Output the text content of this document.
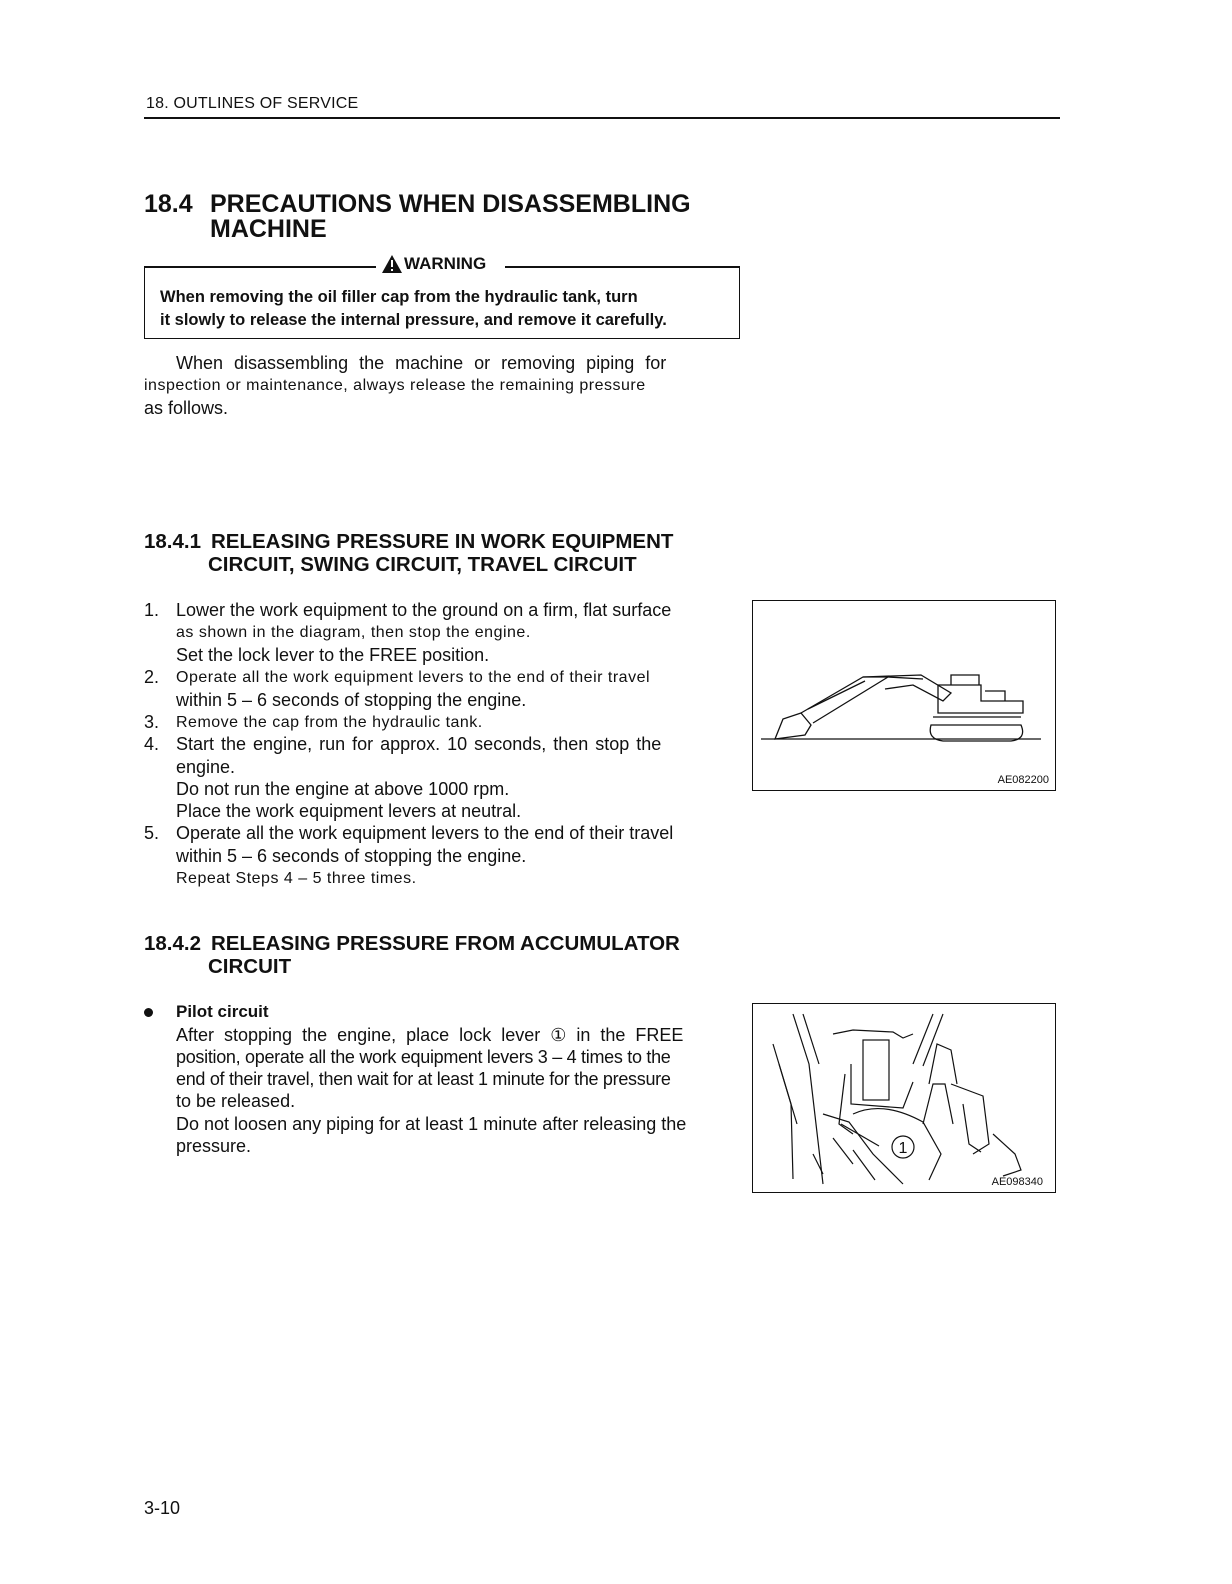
18. OUTLINES OF SERVICE
18.4 PRECAUTIONS WHEN DISASSEMBLING
MACHINE
WARNING
When removing the oil filler cap from the hydraulic tank, turn
it slowly to release the internal pressure, and remove it carefully.
When disassembling the machine or removing piping for
inspection or maintenance, always release the remaining pressure
as follows.
18.4.1 RELEASING PRESSURE IN WORK EQUIPMENT
CIRCUIT, SWING CIRCUIT, TRAVEL CIRCUIT
1. Lower the work equipment to the ground on a firm, flat surface
as shown in the diagram, then stop the engine.
Set the lock lever to the FREE position.
2. Operate all the work equipment levers to the end of their travel
within 5 – 6 seconds of stopping the engine.
3. Remove the cap from the hydraulic tank.
4. Start the engine, run for approx. 10 seconds, then stop the
engine.
Do not run the engine at above 1000 rpm.
Place the work equipment levers at neutral.
5. Operate all the work equipment levers to the end of their travel
within 5 – 6 seconds of stopping the engine.
Repeat Steps 4 – 5 three times.
AE082200
18.4.2 RELEASING PRESSURE FROM ACCUMULATOR
CIRCUIT
Pilot circuit
After stopping the engine, place lock lever ① in the FREE
position, operate all the work equipment levers 3 – 4 times to the
end of their travel, then wait for at least 1 minute for the pressure
to be released.
Do not loosen any piping for at least 1 minute after releasing the
pressure.	1
AE098340
3-10
